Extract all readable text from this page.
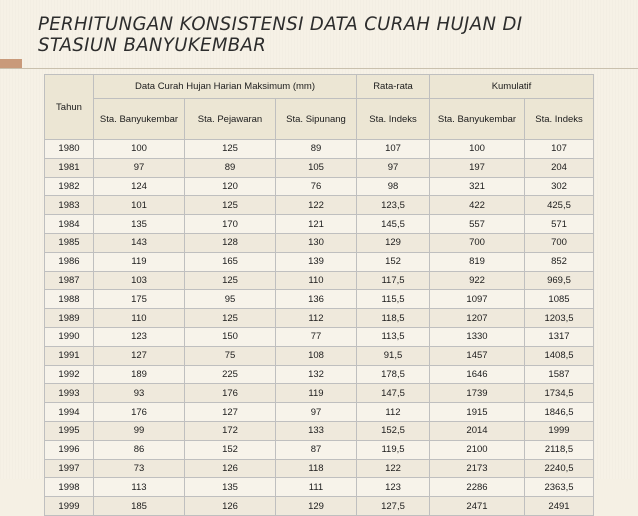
PERHITUNGAN KONSISTENSI DATA CURAH HUJAN DI STASIUN BANYUKEMBAR
Tahun	Data Curah Hujan Harian Maksimum (mm)			Rata-rata	Kumulatif	
	Sta. Banyukembar	Sta. Pejawaran	Sta. Sipunang	Sta. Indeks	Sta. Banyukembar	Sta. Indeks
1980	100	125	89	107	100	107
1981	97	89	105	97	197	204
1982	124	120	76	98	321	302
1983	101	125	122	123,5	422	425,5
1984	135	170	121	145,5	557	571
1985	143	128	130	129	700	700
1986	119	165	139	152	819	852
1987	103	125	110	117,5	922	969,5
1988	175	95	136	115,5	1097	1085
1989	110	125	112	118,5	1207	1203,5
1990	123	150	77	113,5	1330	1317
1991	127	75	108	91,5	1457	1408,5
1992	189	225	132	178,5	1646	1587
1993	93	176	119	147,5	1739	1734,5
1994	176	127	97	112	1915	1846,5
1995	99	172	133	152,5	2014	1999
1996	86	152	87	119,5	2100	2118,5
1997	73	126	118	122	2173	2240,5
1998	113	135	111	123	2286	2363,5
1999	185	126	129	127,5	2471	2491
